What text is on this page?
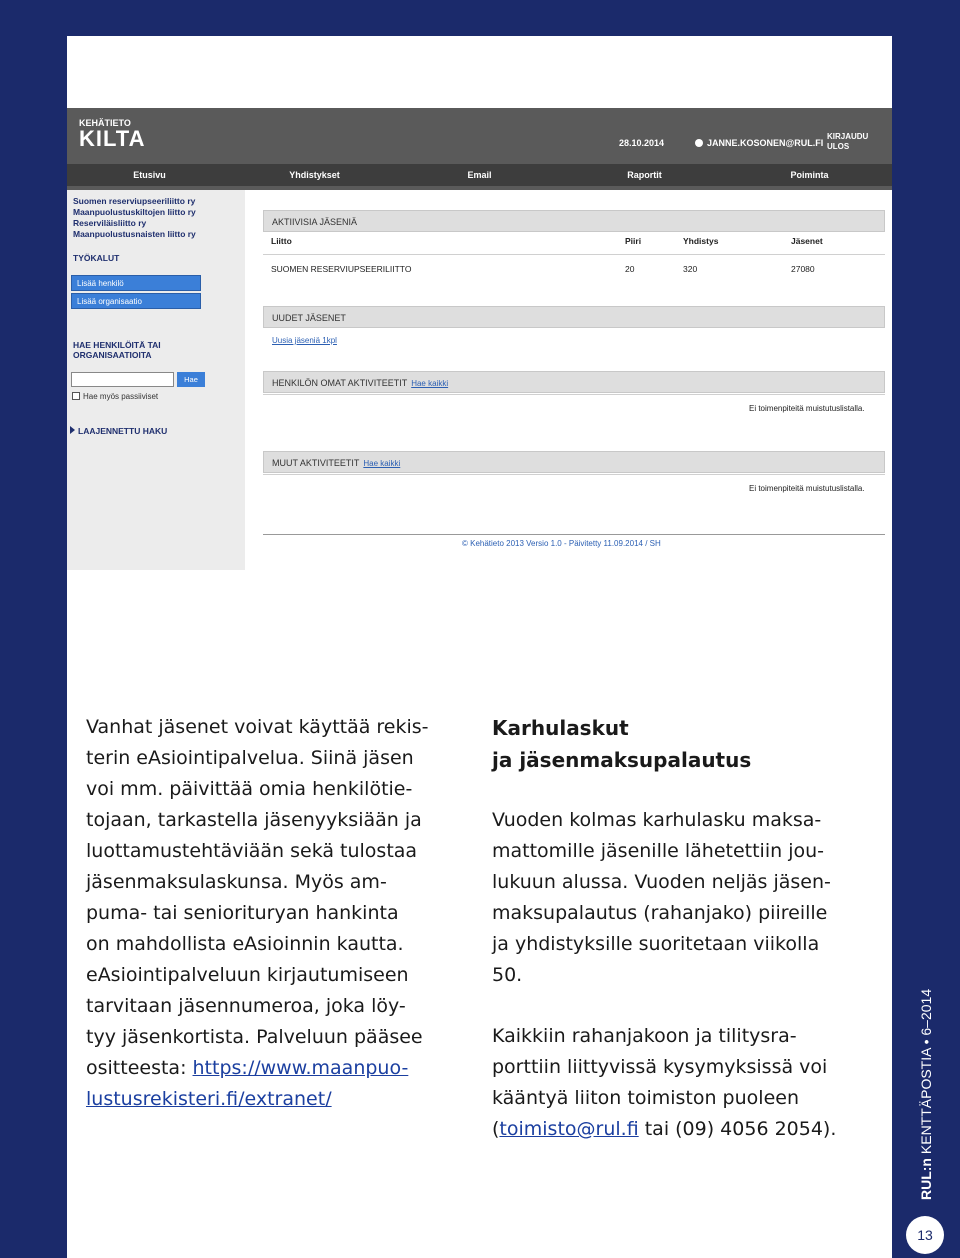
RUL:n KENTTÄPOSTIA • 6–2014
13
KEHÄTIETO
KILTA	28.10.2014	JANNE.KOSONEN@RUL.FI
KIRJAUDU ULOS
Etusivu	Yhdistykset	Email	Raportit	Poiminta
Suomen reserviupseeriliitto ry
Maanpuolustuskiltojen liitto ry
Reserviläisliitto ry
Maanpuolustusnaisten liitto ry
TYÖKALUT
Lisää henkilö
Lisää organisaatio
HAE HENKILÖITÄ TAI
ORGANISAATIOITA
Hae
Hae myös passiiviset
LAAJENNETTU HAKU
AKTIIVISIA JÄSENIÄ
Liitto	Piiri	Yhdistys	Jäsenet
SUOMEN RESERVIUPSEERILIITTO	20	320	27080
UUDET JÄSENET
Uusia jäseniä 1kpl
HENKILÖN OMAT AKTIVITEETIT Hae kaikki
Ei toimenpiteitä muistutuslistalla.
MUUT AKTIVITEETIT Hae kaikki
Ei toimenpiteitä muistutuslistalla.
© Kehätieto 2013 Versio 1.0 - Päivitetty 11.09.2014 / SH
Vanhat jäsenet voivat käyttää rekis-
terin eAsiointipalvelua. Siinä jäsen
voi mm. päivittää omia henkilötie-
tojaan, tarkastella jäsenyyksiään ja
luottamustehtäviään sekä tulostaa
jäsenmaksulaskunsa. Myös am-
puma- tai seniorituryan hankinta
on mahdollista eAsioinnin kautta.
eAsiointipalveluun kirjautumiseen
tarvitaan jäsennumeroa, joka löy-
tyy jäsenkortista. Palveluun pääsee
ositteesta: https://www.maanpuo-
lustusrekisteri.fi/extranet/
Karhulaskut
ja jäsenmaksupalautus
Vuoden kolmas karhulasku maksa-
mattomille jäsenille lähetettiin jou-
lukuun alussa. Vuoden neljäs jäsen-
maksupalautus (rahanjako) piireille
ja yhdistyksille suoritetaan viikolla
50.
Kaikkiin rahanjakoon ja tilitysra-
porttiin liittyvissä kysymyksissä voi
kääntyä liiton toimiston puoleen
(toimisto@rul.fi tai (09) 4056 2054).
